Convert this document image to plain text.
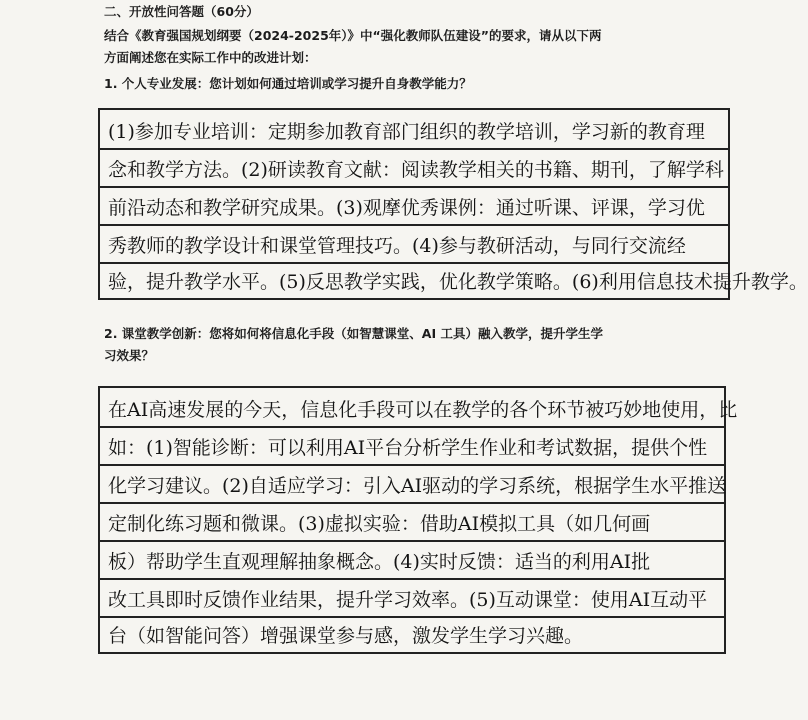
二、开放性问答题（60分）
结合《教育强国规划纲要（2024-2025年）》中“强化教师队伍建设”的要求，请从以下两
方面阐述您在实际工作中的改进计划：
1. 个人专业发展：您计划如何通过培训或学习提升自身教学能力？
(1)参加专业培训：定期参加教育部门组织的教学培训，学习新的教育理
念和教学方法。(2)研读教育文献：阅读教学相关的书籍、期刊，了解学科
前沿动态和教学研究成果。(3)观摩优秀课例：通过听课、评课，学习优
秀教师的教学设计和课堂管理技巧。(4)参与教研活动，与同行交流经
验，提升教学水平。(5)反思教学实践，优化教学策略。(6)利用信息技术提升教学。
2. 课堂教学创新：您将如何将信息化手段（如智慧课堂、AI 工具）融入教学，提升学生学
习效果？
在AI高速发展的今天，信息化手段可以在教学的各个环节被巧妙地使用，比
如：(1)智能诊断：可以利用AI平台分析学生作业和考试数据，提供个性
化学习建议。(2)自适应学习：引入AI驱动的学习系统，根据学生水平推送
定制化练习题和微课。(3)虚拟实验：借助AI模拟工具（如几何画
板）帮助学生直观理解抽象概念。(4)实时反馈：适当的利用AI批
改工具即时反馈作业结果，提升学习效率。(5)互动课堂：使用AI互动平
台（如智能问答）增强课堂参与感，激发学生学习兴趣。
